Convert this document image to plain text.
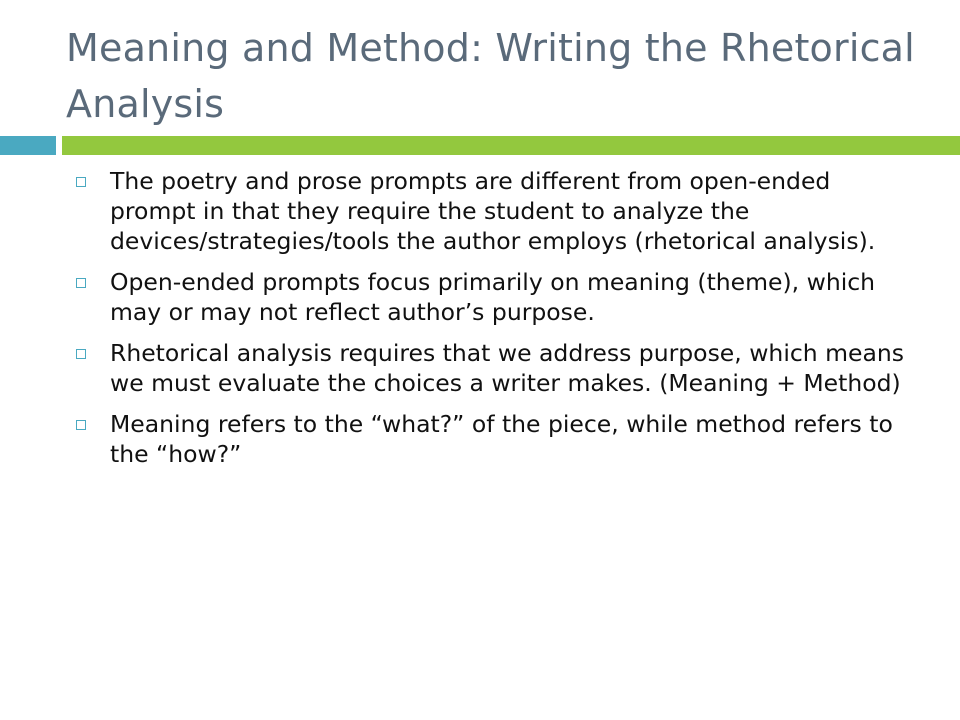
Meaning and Method: Writing the Rhetorical Analysis
The poetry and prose prompts are different from open-ended prompt in that they require the student to analyze the devices/strategies/tools the author employs (rhetorical analysis).
Open-ended prompts focus primarily on meaning (theme), which may or may not reflect author’s purpose.
Rhetorical analysis requires that we address purpose, which means we must evaluate the choices a writer makes. (Meaning + Method)
Meaning refers to the “what?” of the piece, while method refers to the “how?”
